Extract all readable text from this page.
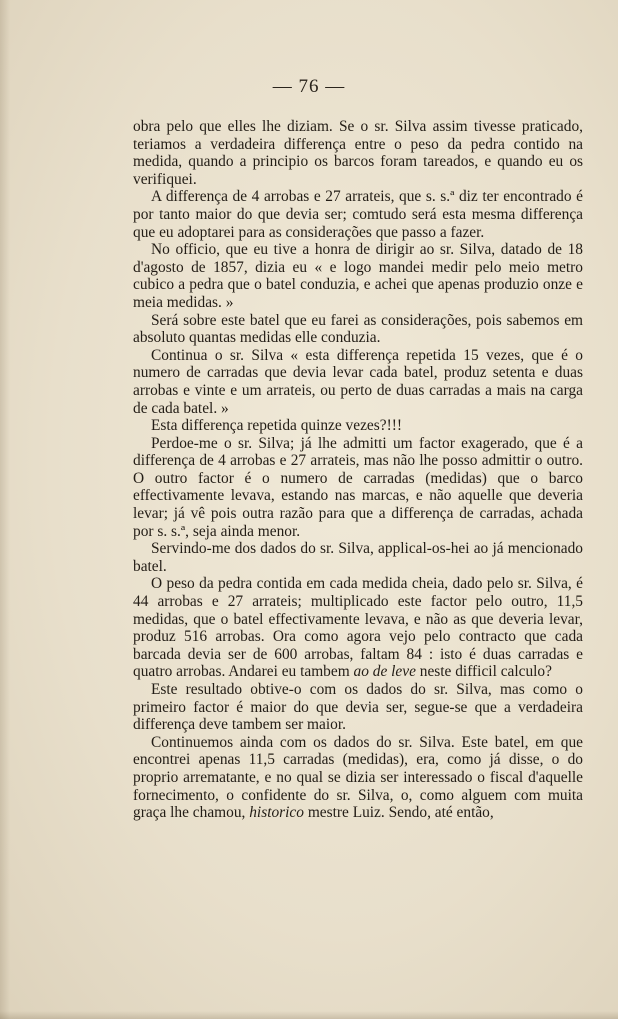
— 76 —

obra pelo que elles lhe diziam. Se o sr. Silva assim tivesse praticado, teriamos a verdadeira differença entre o peso da pedra contido na medida, quando a principio os barcos foram tareados, e quando eu os verifiquei.

A differença de 4 arrobas e 27 arrateis, que s. s.ª diz ter encontrado é por tanto maior do que devia ser; comtudo será esta mesma differença que eu adoptarei para as considerações que passo a fazer.

No officio, que eu tive a honra de dirigir ao sr. Silva, datado de 18 d'agosto de 1857, dizia eu « e logo mandei medir pelo meio metro cubico a pedra que o batel conduzia, e achei que apenas produzio onze e meia medidas. »

Será sobre este batel que eu farei as considerações, pois sabemos em absoluto quantas medidas elle conduzia.

Continua o sr. Silva « esta differença repetida 15 vezes, que é o numero de carradas que devia levar cada batel, produz setenta e duas arrobas e vinte e um arrateis, ou perto de duas carradas a mais na carga de cada batel. »

Esta differença repetida quinze vezes?!!!

Perdoe-me o sr. Silva; já lhe admitti um factor exagerado, que é a differença de 4 arrobas e 27 arrateis, mas não lhe posso admittir o outro. O outro factor é o numero de carradas (medidas) que o barco effectivamente levava, estando nas marcas, e não aquelle que deveria levar; já vê pois outra razão para que a differença de carradas, achada por s. s.ª, seja ainda menor.

Servindo-me dos dados do sr. Silva, applical-os-hei ao já mencionado batel.

O peso da pedra contida em cada medida cheia, dado pelo sr. Silva, é 44 arrobas e 27 arrateis; multiplicado este factor pelo outro, 11,5 medidas, que o batel effectivamente levava, e não as que deveria levar, produz 516 arrobas. Ora como agora vejo pelo contracto que cada barcada devia ser de 600 arrobas, faltam 84 : isto é duas carradas e quatro arrobas. Andarei eu tambem ao de leve neste difficil calculo?

Este resultado obtive-o com os dados do sr. Silva, mas como o primeiro factor é maior do que devia ser, segue-se que a verdadeira differença deve tambem ser maior.

Continuemos ainda com os dados do sr. Silva. Este batel, em que encontrei apenas 11,5 carradas (medidas), era, como já disse, o do proprio arrematante, e no qual se dizia ser interessado o fiscal d'aquelle fornecimento, o confidente do sr. Silva, o, como alguem com muita graça lhe chamou, historico mestre Luiz. Sendo, até então,
